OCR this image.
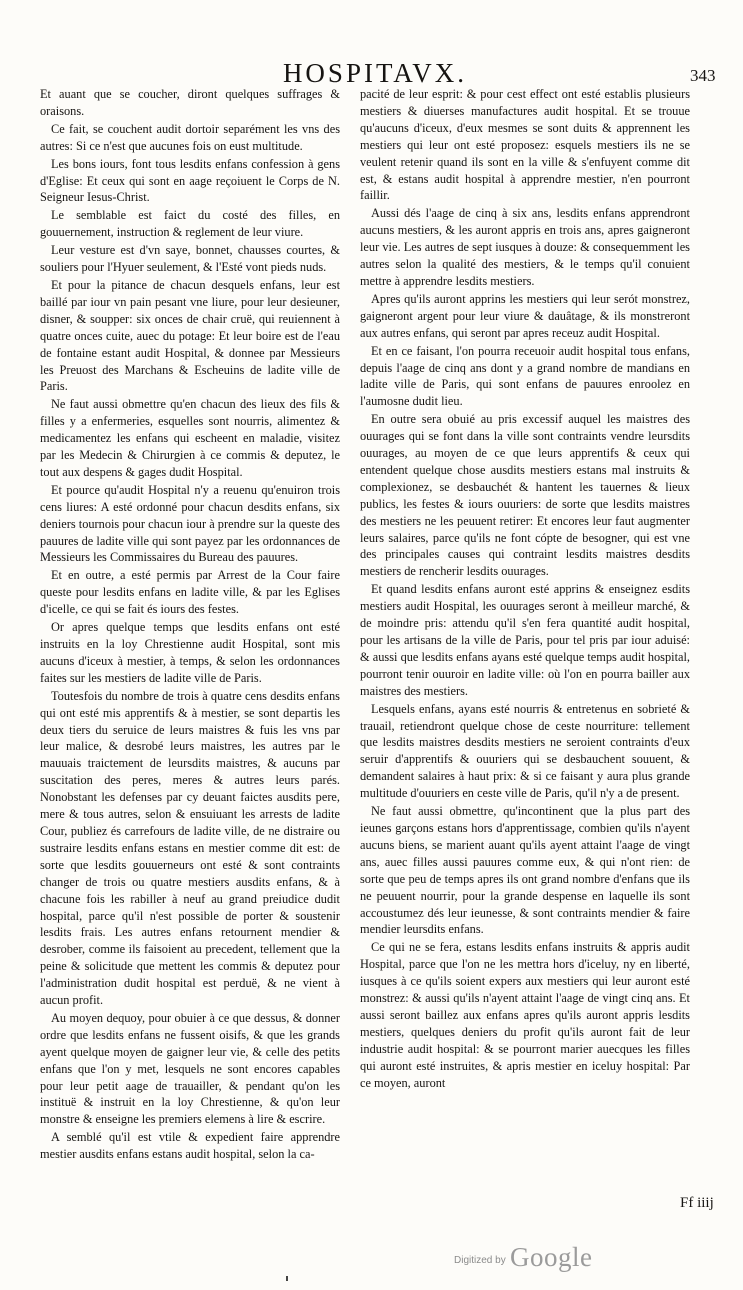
HOSPITAVX.	343

Et auant que se coucher, diront quelques suffrages & oraisons.

Ce fait, se couchent audit dortoir separément les vns des autres: Si ce n'est que aucunes fois on eust multitude.

Les bons iours, font tous lesdits enfans confession à gens d'Eglise: Et ceux qui sont en aage reçoiuent le Corps de N. Seigneur Iesus-Christ.

Le semblable est faict du costé des filles, en gouuernement, instruction & reglement de leur viure.

Leur vesture est d'vn saye, bonnet, chausses courtes, & souliers pour l'Hyuer seulement, & l'Esté vont pieds nuds.

Et pour la pitance de chacun desquels enfans, leur est baillé par iour vn pain pesant vne liure, pour leur desieuner, disner, & soupper: six onces de chair cruë, qui reuiennent à quatre onces cuite, auec du potage: Et leur boire est de l'eau de fontaine estant audit Hospital, & donnee par Messieurs les Preuost des Marchans & Escheuins de ladite ville de Paris.

Ne faut aussi obmettre qu'en chacun des lieux des fils & filles y a enfermeries, esquelles sont nourris, alimentez & medicamentez les enfans qui escheent en maladie, visitez par les Medecin & Chirurgien à ce commis & deputez, le tout aux despens & gages dudit Hospital.

Et pource qu'audit Hospital n'y a reuenu qu'enuiron trois cens liures: A esté ordonné pour chacun desdits enfans, six deniers tournois pour chacun iour à prendre sur la queste des pauures de ladite ville qui sont payez par les ordonnances de Messieurs les Commissaires du Bureau des pauures.

Et en outre, a esté permis par Arrest de la Cour faire queste pour lesdits enfans en ladite ville, & par les Eglises d'icelle, ce qui se fait és iours des festes.

Or apres quelque temps que lesdits enfans ont esté instruits en la loy Chrestienne audit Hospital, sont mis aucuns d'iceux à mestier, à temps, & selon les ordonnances faites sur les mestiers de ladite ville de Paris.

Toutesfois du nombre de trois à quatre cens desdits enfans qui ont esté mis apprentifs & à mestier, se sont departis les deux tiers du seruice de leurs maistres & fuis les vns par leur malice, & desrobé leurs maistres, les autres par le mauuais traictement de leursdits maistres, & aucuns par suscitation des peres, meres & autres leurs parés. Nonobstant les defenses par cy deuant faictes ausdits pere, mere & tous autres, selon & ensuiuant les arrests de ladite Cour, publiez és carrefours de ladite ville, de ne distraire ou sustraire lesdits enfans estans en mestier comme dit est: de sorte que lesdits gouuerneurs ont esté & sont contraints changer de trois ou quatre mestiers ausdits enfans, & à chacune fois les rabiller à neuf au grand preiudice dudit hospital, parce qu'il n'est possible de porter & soustenir lesdits frais. Les autres enfans retournent mendier & desrober, comme ils faisoient au precedent, tellement que la peine & solicitude que mettent les commis & deputez pour l'administration dudit hospital est perduë, & ne vient à aucun profit.

Au moyen dequoy, pour obuier à ce que dessus, & donner ordre que lesdits enfans ne fussent oisifs, & que les grands ayent quelque moyen de gaigner leur vie, & celle des petits enfans que l'on y met, lesquels ne sont encores capables pour leur petit aage de trauailler, & pendant qu'on les instituë & instruit en la loy Chrestienne, & qu'on leur monstre & enseigne les premiers elemens à lire & escrire.

A semblé qu'il est vtile & expedient faire apprendre mestier ausdits enfans estans audit hospital, selon la ca-

pacité de leur esprit: & pour cest effect ont esté establis plusieurs mestiers & diuerses manufactures audit hospital. Et se trouue qu'aucuns d'iceux, d'eux mesmes se sont duits & apprennent les mestiers qui leur ont esté proposez: esquels mestiers ils ne se veulent retenir quand ils sont en la ville & s'enfuyent comme dit est, & estans audit hospital à apprendre mestier, n'en pourront faillir.

Aussi dés l'aage de cinq à six ans, lesdits enfans apprendront aucuns mestiers, & les auront appris en trois ans, apres gaigneront leur vie. Les autres de sept iusques à douze: & consequemment les autres selon la qualité des mestiers, & le temps qu'il conuient mettre à apprendre lesdits mestiers.

Apres qu'ils auront apprins les mestiers qui leur serót monstrez, gaigneront argent pour leur viure & dauâtage, & ils monstreront aux autres enfans, qui seront par apres receuz audit Hospital.

Et en ce faisant, l'on pourra receuoir audit hospital tous enfans, depuis l'aage de cinq ans dont y a grand nombre de mandians en ladite ville de Paris, qui sont enfans de pauures enroolez en l'aumosne dudit lieu.

En outre sera obuié au pris excessif auquel les maistres des ouurages qui se font dans la ville sont contraints vendre leursdits ouurages, au moyen de ce que leurs apprentifs & ceux qui entendent quelque chose ausdits mestiers estans mal instruits & complexionez, se desbauchét & hantent les tauernes & lieux publics, les festes & iours ouuriers: de sorte que lesdits maistres des mestiers ne les peuuent retirer: Et encores leur faut augmenter leurs salaires, parce qu'ils ne font cópte de besogner, qui est vne des principales causes qui contraint lesdits maistres desdits mestiers de rencherir lesdits ouurages.

Et quand lesdits enfans auront esté apprins & enseignez esdits mestiers audit Hospital, les ouurages seront à meilleur marché, & de moindre pris: attendu qu'il s'en fera quantité audit hospital, pour les artisans de la ville de Paris, pour tel pris par iour aduisé: & aussi que lesdits enfans ayans esté quelque temps audit hospital, pourront tenir ouuroir en ladite ville: où l'on en pourra bailler aux maistres des mestiers.

Lesquels enfans, ayans esté nourris & entretenus en sobrieté & trauail, retiendront quelque chose de ceste nourriture: tellement que lesdits maistres desdits mestiers ne seroient contraints d'eux seruir d'apprentifs & ouuriers qui se desbauchent souuent, & demandent salaires à haut prix: & si ce faisant y aura plus grande multitude d'ouuriers en ceste ville de Paris, qu'il n'y a de present.

Ne faut aussi obmettre, qu'incontinent que la plus part des ieunes garçons estans hors d'apprentissage, combien qu'ils n'ayent aucuns biens, se marient auant qu'ils ayent attaint l'aage de vingt ans, auec filles aussi pauures comme eux, & qui n'ont rien: de sorte que peu de temps apres ils ont grand nombre d'enfans que ils ne peuuent nourrir, pour la grande despense en laquelle ils sont accoustumez dés leur ieunesse, & sont contraints mendier & faire mendier leursdits enfans.

Ce qui ne se fera, estans lesdits enfans instruits & appris audit Hospital, parce que l'on ne les mettra hors d'iceluy, ny en liberté, iusques à ce qu'ils soient expers aux mestiers qui leur auront esté monstrez: & aussi qu'ils n'ayent attaint l'aage de vingt cinq ans. Et aussi seront baillez aux enfans apres qu'ils auront appris lesdits mestiers, quelques deniers du profit qu'ils auront fait de leur industrie audit hospital: & se pourront marier auecques les filles qui auront esté instruites, & apris mestier en iceluy hospital: Par ce moyen, auront

Ff iiij
Digitized by Google
